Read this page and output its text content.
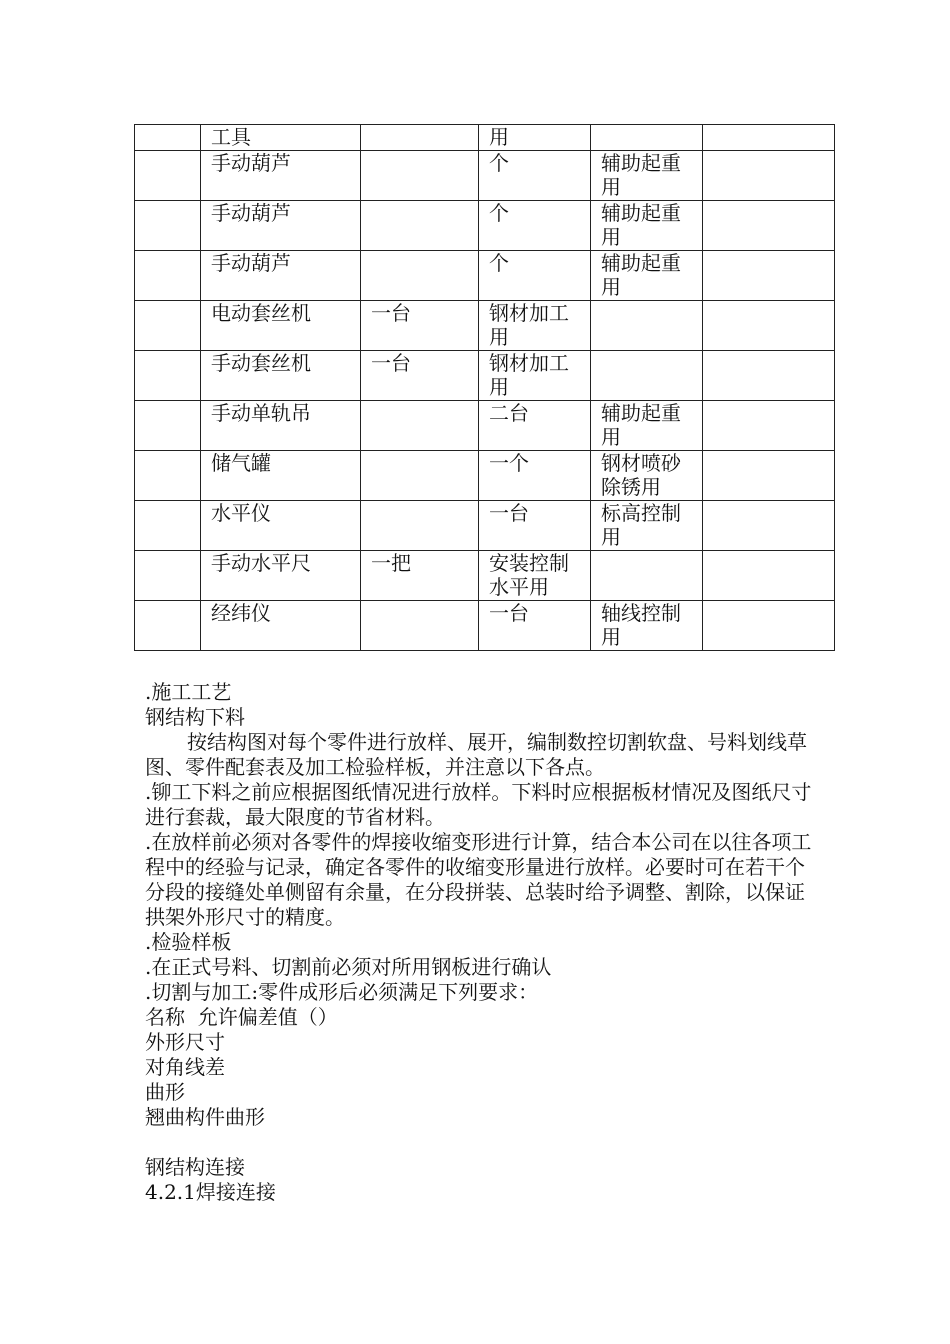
	工具		用		
	手动葫芦		个	辅助起重用	
	手动葫芦		个	辅助起重用	
	手动葫芦		个	辅助起重用	
	电动套丝机	一台	钢材加工用		
	手动套丝机	一台	钢材加工用		
	手动单轨吊		二台	辅助起重用	
	储气罐		一个	钢材喷砂除锈用	
	水平仪		一台	标高控制用	
	手动水平尺	一把	安装控制水平用		
	经纬仪		一台	轴线控制用	

.施工工艺

钢结构下料

按结构图对每个零件进行放样、展开，编制数控切割软盘、号料划线草图、零件配套表及加工检验样板，并注意以下各点。

.铆工下料之前应根据图纸情况进行放样。下料时应根据板材情况及图纸尺寸进行套裁，最大限度的节省材料。

.在放样前必须对各零件的焊接收缩变形进行计算，结合本公司在以往各项工程中的经验与记录，确定各零件的收缩变形量进行放样。必要时可在若干个分段的接缝处单侧留有余量，在分段拼装、总装时给予调整、割除，以保证拱架外形尺寸的精度。

.检验样板

.在正式号料、切割前必须对所用钢板进行确认

.切割与加工:零件成形后必须满足下列要求：

名称  允许偏差值（）

外形尺寸

对角线差

曲形

翘曲构件曲形

钢结构连接

4.2.1焊接连接
